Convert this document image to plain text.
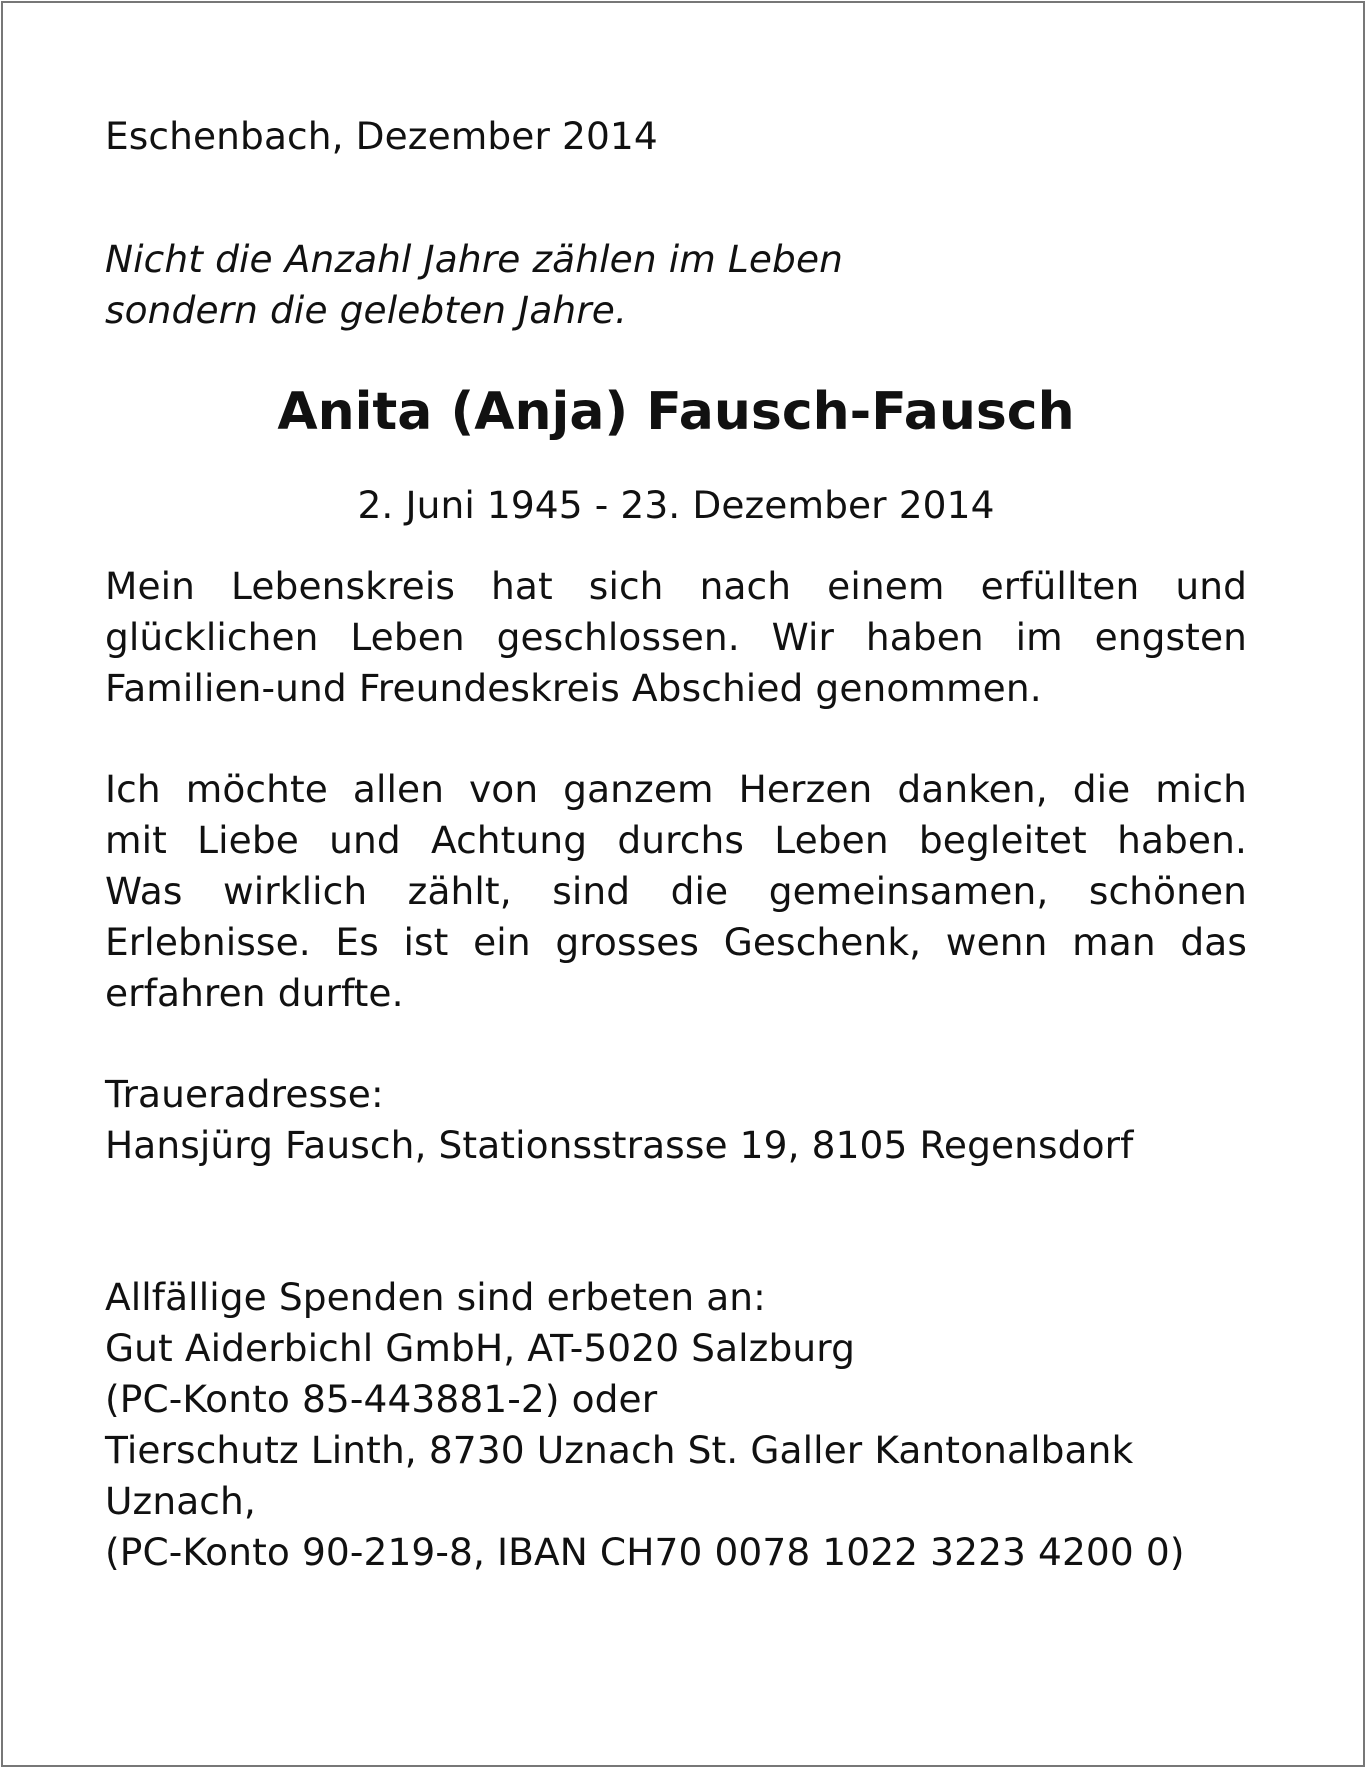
Eschenbach, Dezember 2014
Nicht die Anzahl Jahre zählen im Leben
sondern die gelebten Jahre.
Anita (Anja) Fausch-Fausch
2. Juni 1945 - 23. Dezember 2014
Mein Lebenskreis hat sich nach einem erfüllten und
glücklichen Leben geschlossen. Wir haben im engsten
Familien-und Freundeskreis Abschied genommen.
Ich möchte allen von ganzem Herzen danken, die mich
mit Liebe und Achtung durchs Leben begleitet haben.
Was wirklich zählt, sind die gemeinsamen, schönen
Erlebnisse. Es ist ein grosses Geschenk, wenn man das
erfahren durfte.
Traueradresse:
Hansjürg Fausch, Stationsstrasse 19, 8105 Regensdorf
Allfällige Spenden sind erbeten an:
Gut Aiderbichl GmbH, AT-5020 Salzburg
(PC-Konto 85-443881-2) oder
Tierschutz Linth, 8730 Uznach St. Galler Kantonalbank
Uznach,
(PC-Konto 90-219-8, IBAN CH70 0078 1022 3223 4200 0)
